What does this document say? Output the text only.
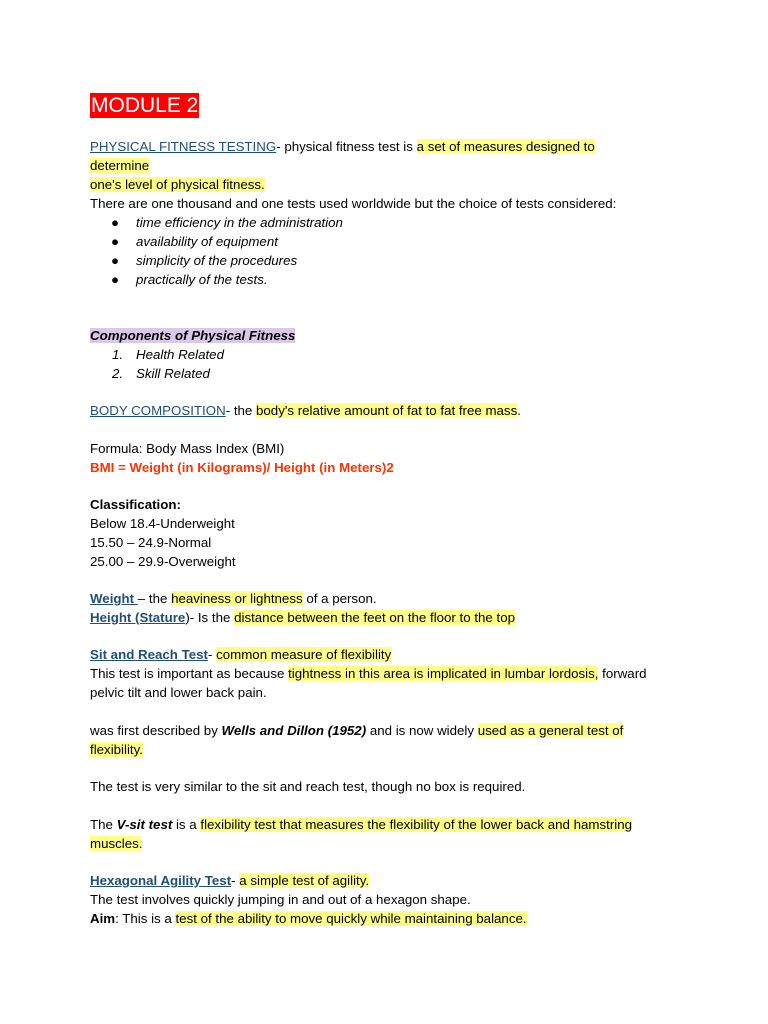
MODULE 2
PHYSICAL FITNESS TESTING- physical fitness test is a set of measures designed to
determine
one's level of physical fitness.
There are one thousand and one tests used worldwide but the choice of tests considered:
● time efficiency in the administration
● availability of equipment
● simplicity of the procedures
● practically of the tests.
Components of Physical Fitness
1. Health Related
2. Skill Related
BODY COMPOSITION- the body's relative amount of fat to fat free mass.
Formula: Body Mass Index (BMI)
BMI = Weight (in Kilograms)/ Height (in Meters)2
Classification:
Below 18.4-Underweight
15.50 – 24.9-Normal
25.00 – 29.9-Overweight
Weight – the heaviness or lightness of a person.
Height (Stature)- Is the distance between the feet on the floor to the top
Sit and Reach Test- common measure of flexibility
This test is important as because tightness in this area is implicated in lumbar lordosis, forward
pelvic tilt and lower back pain.
was first described by Wells and Dillon (1952) and is now widely used as a general test of
flexibility.
The test is very similar to the sit and reach test, though no box is required.
The V-sit test is a flexibility test that measures the flexibility of the lower back and hamstring
muscles.
Hexagonal Agility Test- a simple test of agility.
The test involves quickly jumping in and out of a hexagon shape.
Aim: This is a test of the ability to move quickly while maintaining balance.
